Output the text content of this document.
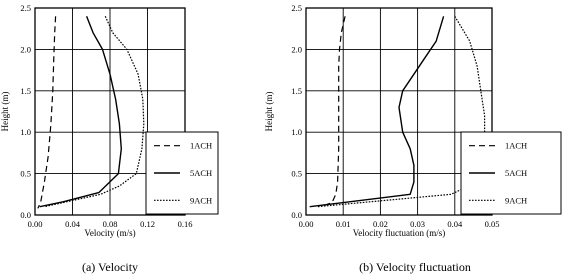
0.00	0.04	0.08	0.12	0.16
0.0
0.5
1.0
1.5
2.0
2.5
1ACH
5ACH
9ACH
Velocity (m/s)
Height (m)
(a) Velocity
0.00	0.01	0.02	0.03	0.04	0.05
0.0
0.5
1.0
1.5
2.0
2.5
1ACH
5ACH
9ACH
Velocity fluctuation (m/s)
Height (m)
(b) Velocity fluctuation
